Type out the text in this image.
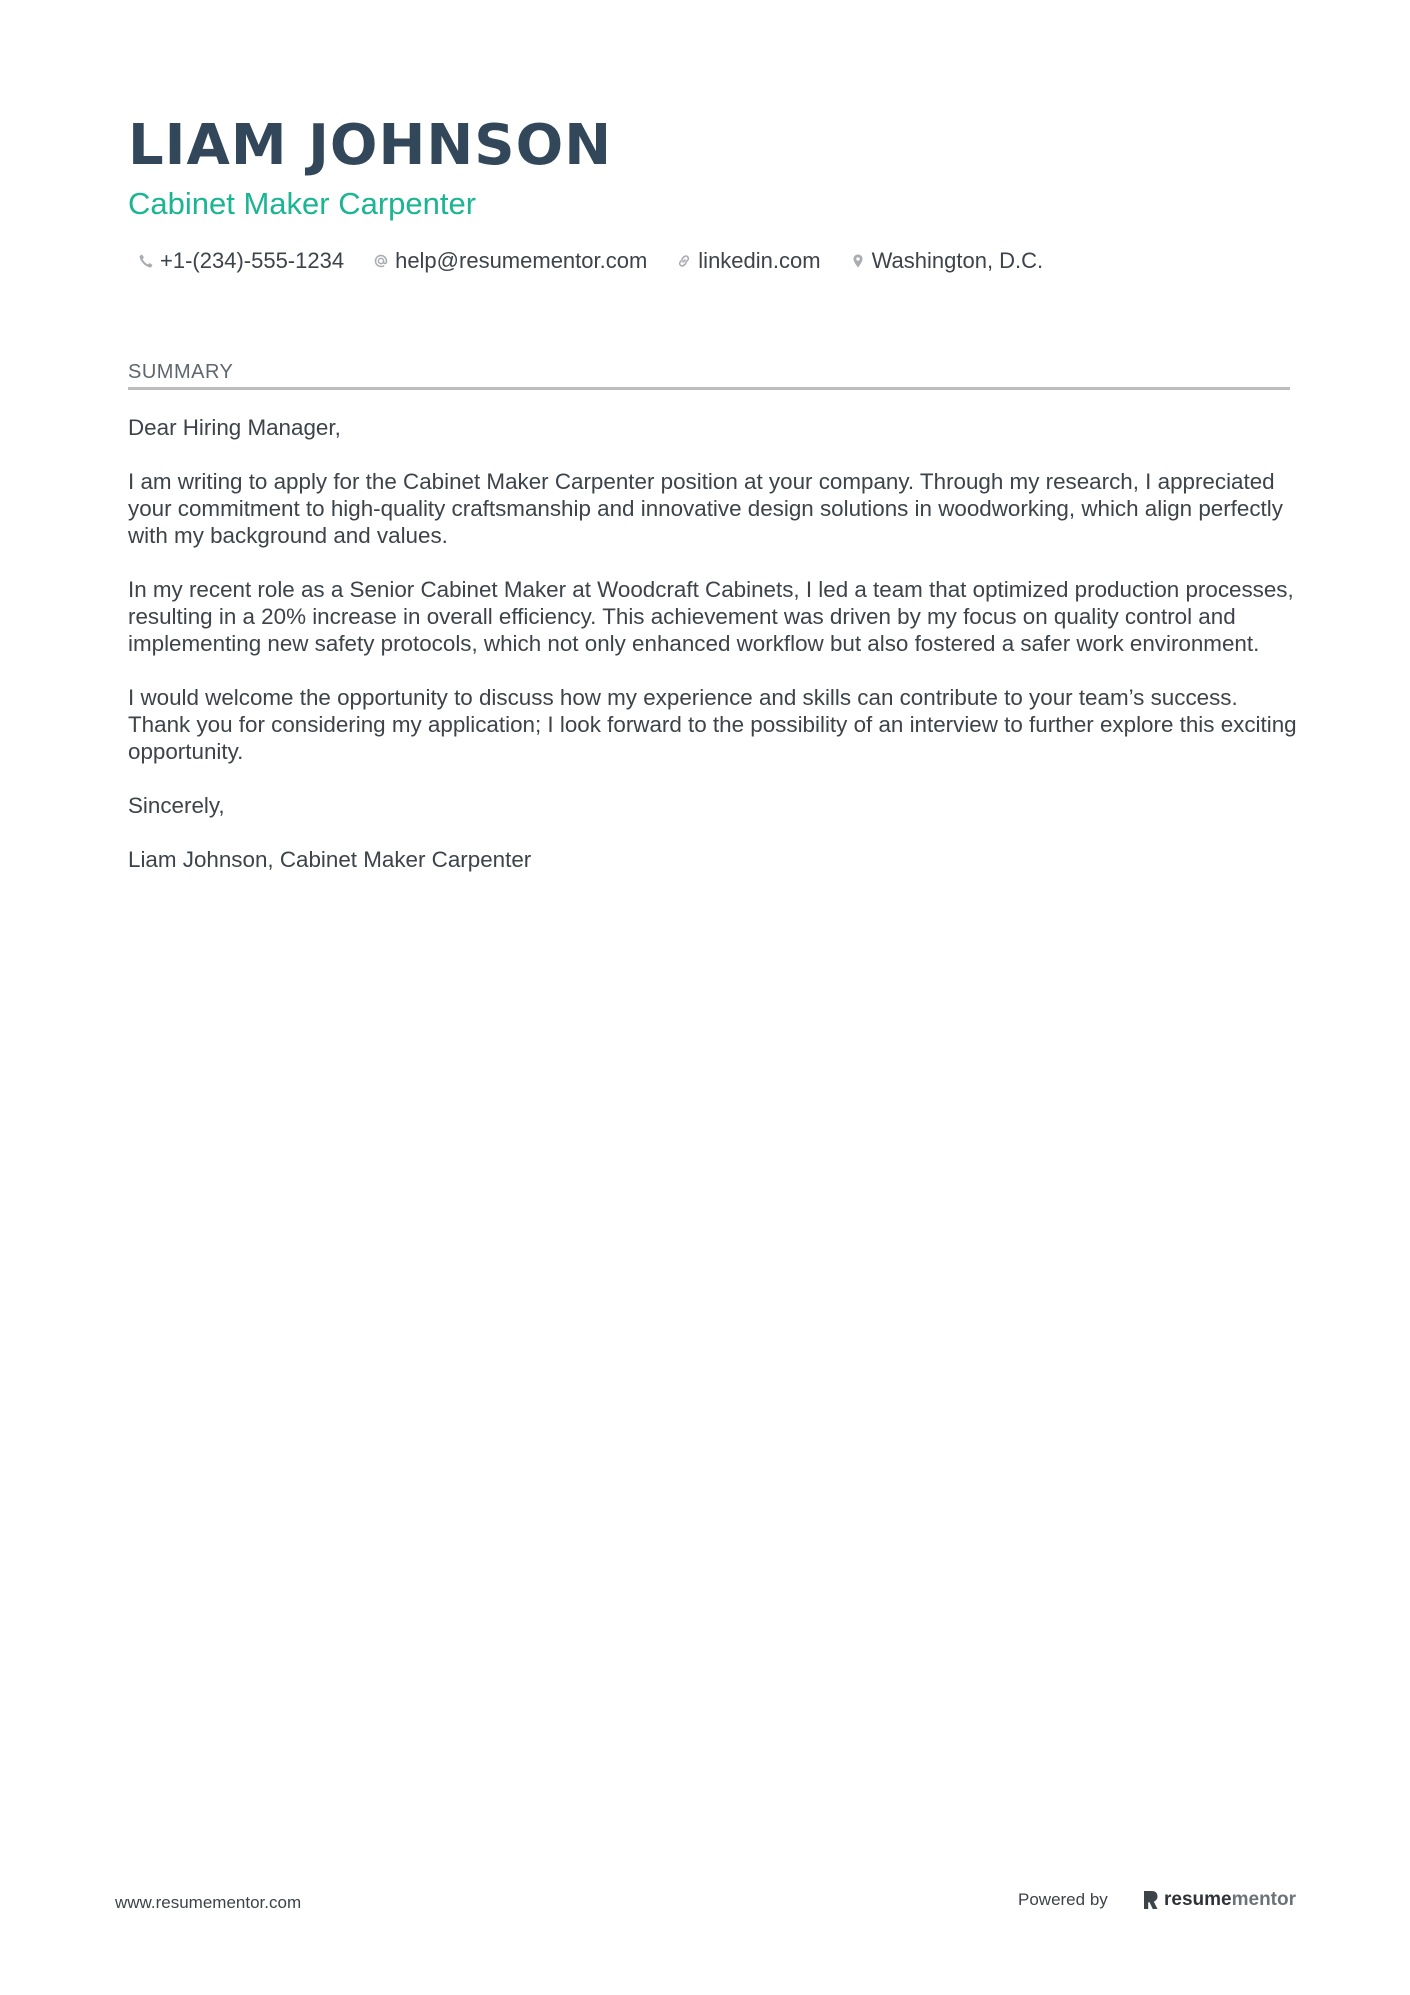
LIAM JOHNSON
Cabinet Maker Carpenter
+1-(234)-555-1234 help@resumementor.com linkedin.com Washington, D.C.
SUMMARY

Dear Hiring Manager,

I am writing to apply for the Cabinet Maker Carpenter position at your company. Through my research, I appreciated your commitment to high-quality craftsmanship and innovative design solutions in woodworking, which align perfectly with my background and values.

In my recent role as a Senior Cabinet Maker at Woodcraft Cabinets, I led a team that optimized production processes, resulting in a 20% increase in overall efficiency. This achievement was driven by my focus on quality control and implementing new safety protocols, which not only enhanced workflow but also fostered a safer work environment.

I would welcome the opportunity to discuss how my experience and skills can contribute to your team’s success. Thank you for considering my application; I look forward to the possibility of an interview to further explore this exciting opportunity.

Sincerely,

Liam Johnson, Cabinet Maker Carpenter

www.resumementor.com	Powered by	resume mentor
